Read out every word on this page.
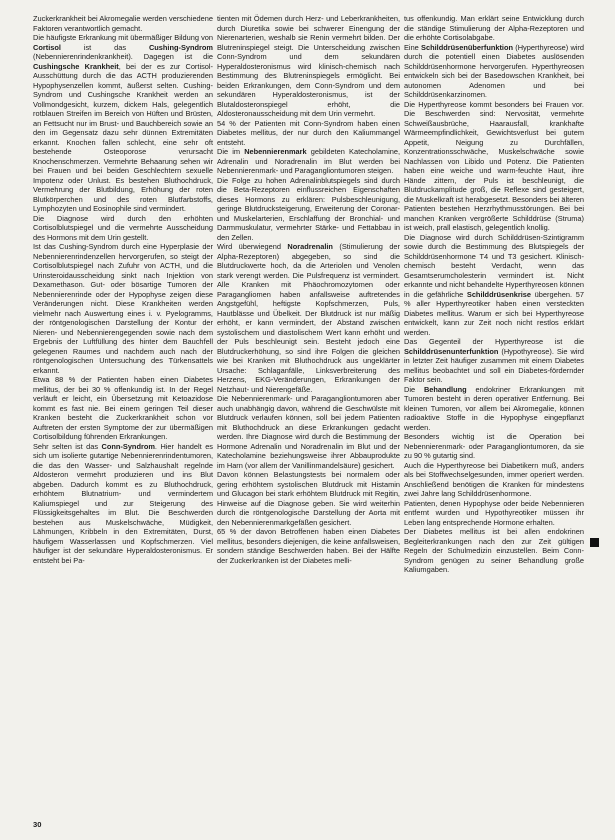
Zuckerkrankheit bei Akromegalie werden verschiedene Faktoren verantwortlich gemacht.

Die häufigste Erkrankung mit übermäßiger Bildung von Cortisol ist das Cushing-Syndrom (Nebennierenrindenkrankheit). Dagegen ist die Cushingsche Krankheit, bei der es zur Cortisol-Ausschüttung durch die das ACTH produzierenden Hypophysenzellen kommt, äußerst selten. Cushing-Syndrom und Cushingsche Krankheit werden an Vollmondgesicht, kurzem, dickem Hals, gelegentlich rotblauen Streifen im Bereich von Hüften und Brüsten, an Fettsucht nur im Brust- und Bauchbereich sowie an den im Gegensatz dazu sehr dünnen Extremitäten erkannt. Knochen fallen schlecht, eine sehr oft bestehende Osteoporose verursacht Knochenschmerzen. Vermehrte Behaarung sehen wir bei Frauen und bei beiden Geschlechtern sexuelle Impotenz oder Unlust. Es bestehen Bluthochdruck, Vermehrung der Blutbildung, Erhöhung der roten Blutkörperchen und des roten Blutfarbstoffs, Lymphozyten und Eosinophile sind vermindert.

Die Diagnose wird durch den erhöhten Cortisolblutspiegel und die vermehrte Ausscheidung des Hormons mit dem Urin gestellt.

Ist das Cushing-Syndrom durch eine Hyperplasie der Nebennierenrindenzellen hervorgerufen, so steigt der Cortisolblutspiegel nach Zufuhr von ACTH, und die Urinsteroidausscheidung sinkt nach Injektion von Dexamethason. Gut- oder bösartige Tumoren der Nebennierenrinde oder der Hypophyse zeigen diese Veränderungen nicht. Diese Krankheiten werden vielmehr nach Auswertung eines i. v. Pyelogramms, der röntgenologischen Darstellung der Kontur der Nieren- und Nebennierengegenden sowie nach dem Ergebnis der Luftfüllung des hinter dem Bauchfell gelegenen Raumes und nachdem auch nach der röntgenologischen Untersuchung des Türkensattels erkannt.

Etwa 88 % der Patienten haben einen Diabetes mellitus, der bei 30 % offenkundig ist. In der Regel verläuft er leicht, ein Übersetzung mit Ketoazidose kommt es fast nie. Bei einem geringen Teil dieser Kranken besteht die Zuckerkrankheit schon vor Auftreten der ersten Symptome der zur übermäßigen Cortisolbildung führenden Erkrankungen.

Sehr selten ist das Conn-Syndrom. Hier handelt es sich um isolierte gutartige Nebennierenrindentumoren, die das den Wasser- und Salzhaushalt regelnde Aldosteron vermehrt produzieren und ins Blut abgeben. Dadurch kommt es zu Bluthochdruck, erhöhtem Blutnatrium- und vermindertem Kaliumspiegel und zur Steigerung des Flüssigkeitsgehaltes im Blut. Die Beschwerden bestehen aus Muskelschwäche, Müdigkeit, Lähmungen, Kribbeln in den Extremitäten, Durst, häufigem Wasserlassen und Kopfschmerzen. Viel häufiger ist der sekundäre Hyperaldosteronismus. Er entsteht bei Pa-

tienten mit Ödemen durch Herz- und Leberkrankheiten, durch Diuretika sowie bei schwerer Einengung der Nierenarterien, weshalb sie Renin vermehrt bilden. Der Blutreninspiegel steigt. Die Unterscheidung zwischen Conn-Syndrom und dem sekundären Hyperaldosteronismus wird klinisch-chemisch nach Bestimmung des Blutreninspiegels ermöglicht. Bei beiden Erkrankungen, dem Conn-Syndrom und dem sekundären Hyperaldosteronismus, ist der Blutaldosteronspiegel erhöht, die Aldosteronausscheidung mit dem Urin vermehrt.

54 % der Patienten mit Conn-Syndrom haben einen Diabetes mellitus, der nur durch den Kaliummangel entsteht.

Die im Nebennierenmark gebildeten Katecholamine, Adrenalin und Noradrenalin im Blut werden bei Nebennierenmark- und Paragangliontumoren steigen.

Die Folge zu hohen Adrenalinblutspiegels sind durch die Beta-Rezeptoren einflussreichen Eigenschaften dieses Hormons zu erklären: Pulsbeschleunigung, geringe Blutdrucksteigerung, Erweiterung der Coronar- und Muskelarterien, Erschlaffung der Bronchial- und Darmmuskulatur, vermehrter Stärke- und Fettabbau in den Zellen.

Wird überwiegend Noradrenalin (Stimulierung der Alpha-Rezeptoren) abgegeben, so sind die Blutdruckwerte hoch, da die Arteriolen und Venolen stark verengt werden. Die Pulsfrequenz ist vermindert. Alle Kranken mit Phäochromozytomen oder Paragangliomen haben anfallsweise auftretendes Angstgefühl, heftigste Kopfschmerzen, Puls, Hautblässe und Übelkeit. Der Blutdruck ist nur mäßig erhöht, er kann vermindert, der Abstand zwischen systolischem und diastolischem Wert kann erhöht und der Puls beschleunigt sein. Besteht jedoch eine Blutdruckerhöhung, so sind ihre Folgen die gleichen wie bei Kranken mit Bluthochdruck aus ungeklärter Ursache: Schlaganfälle, Linksverbreiterung des Herzens, EKG-Veränderungen, Erkrankungen der Netzhaut- und Nierengefäße.

Die Nebennierenmark- und Paragangliontumoren aber auch unabhängig davon, während die Geschwülste mit Blutdruck verlaufen können, soll bei jedem Patienten mit Bluthochdruck an diese Erkrankungen gedacht werden. Ihre Diagnose wird durch die Bestimmung der Hormone Adrenalin und Noradrenalin im Blut und der Katecholamine beziehungsweise ihrer Abbauprodukte im Harn (vor allem der Vanillinmandelsäure) gesichert.

Davon können Belastungstests bei normalem oder gering erhöhtem systolischen Blutdruck mit Histamin und Glucagon bei stark erhöhtem Blutdruck mit Regitin, Hinweise auf die Diagnose geben. Sie wird weiterhin durch die röntgenologische Darstellung der Aorta mit den Nebennierenmarkgefäßen gesichert.

65 % der davon Betroffenen haben einen Diabetes mellitus, besonders diejenigen, die keine anfallsweisen, sondern ständige Beschwerden haben. Bei der Hälfte der Zuckerkranken ist der Diabetes melli-

tus offenkundig. Man erklärt seine Entwicklung durch die ständige Stimulierung der Alpha-Rezeptoren und die erhöhte Cortisolabgabe.

Eine Schilddrüsenüberfunktion (Hyperthyreose) wird durch die potentiell einen Diabetes auslösenden Schilddrüsenhormone hervorgerufen. Hyperthyreosen entwickeln sich bei der Basedowschen Krankheit, bei autonomen Adenomen und bei Schilddrüsenkarzinomen.

Die Hyperthyreose kommt besonders bei Frauen vor. Die Beschwerden sind: Nervosität, vermehrte Schweißausbrüche, Haarausfall, krankhafte Wärmeempfindlichkeit, Gewichtsverlust bei gutem Appetit, Neigung zu Durchfällen, Konzentrationsschwäche, Muskelschwäche sowie Nachlassen von Libido und Potenz. Die Patienten haben eine weiche und warm-feuchte Haut, ihre Hände zittern, der Puls ist beschleunigt, die Blutdruckamplitude groß, die Reflexe sind gesteigert, die Muskelkraft ist herabgesetzt. Besonders bei älteren Patienten bestehen Herzrhythmusstörungen. Bei bei manchen Kranken vergrößerte Schilddrüse (Struma) ist weich, prall elastisch, gelegentlich knollig.

Die Diagnose wird durch Schilddrüsen-Szintigramm sowie durch die Bestimmung des Blutspiegels der Schilddrüsenhormone T4 und T3 gesichert. Klinisch-chemisch besteht Verdacht, wenn das Gesamtserumcholesterin vermindert ist. Nicht erkannte und nicht behandelte Hyperthyreosen können in die gefährliche Schilddrüsenkrise übergehen. 57 % aller Hyperthyreotiker haben einen versteckten Diabetes mellitus. Warum er sich bei Hyperthyreose entwickelt, kann zur Zeit noch nicht restlos erklärt werden.

Das Gegenteil der Hyperthyreose ist die Schilddrüsenunterfunktion (Hypothyreose). Sie wird in letzter Zeit häufiger zusammen mit einem Diabetes mellitus beobachtet und soll ein Diabetes-fördernder Faktor sein.

Die Behandlung endokriner Erkrankungen mit Tumoren besteht in deren operativer Entfernung. Bei kleinen Tumoren, vor allem bei Akromegalie, können radioaktive Stoffe in die Hypophyse eingepflanzt werden.

Besonders wichtig ist die Operation bei Nebennierenmark- oder Paragangliontumoren, da sie zu 90 % gutartig sind.

Auch die Hyperthyreose bei Diabetikern muß, anders als bei Stoffwechselgesunden, immer operiert werden. Anschließend benötigen die Kranken für mindestens zwei Jahre lang Schilddrüsenhormone.

Patienten, denen Hypophyse oder beide Nebennieren entfernt wurden und Hypothyreotiker müssen ihr Leben lang entsprechende Hormone erhalten.

Der Diabetes mellitus ist bei allen endokrinen Begleiterkrankungen nach den zur Zeit gültigen Regeln der Schulmedizin einzustellen. Beim Conn-Syndrom genügen zu seiner Behandlung große Kaliumgaben.

30
